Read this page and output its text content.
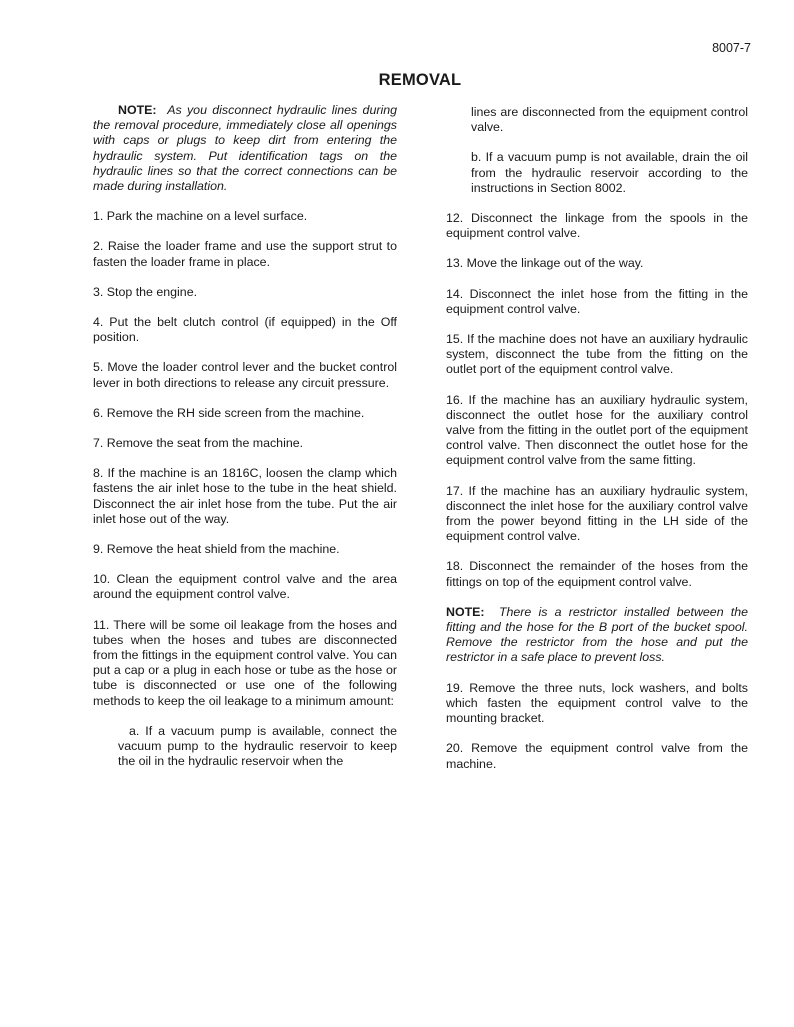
8007-7
REMOVAL

NOTE: As you disconnect hydraulic lines during the removal procedure, immediately close all openings with caps or plugs to keep dirt from entering the hydraulic system. Put identification tags on the hydraulic lines so that the correct connections can be made during installation.

1. Park the machine on a level surface.

2. Raise the loader frame and use the support strut to fasten the loader frame in place.

3. Stop the engine.

4. Put the belt clutch control (if equipped) in the Off position.

5. Move the loader control lever and the bucket control lever in both directions to release any circuit pressure.

6. Remove the RH side screen from the machine.

7. Remove the seat from the machine.

8. If the machine is an 1816C, loosen the clamp which fastens the air inlet hose to the tube in the heat shield. Disconnect the air inlet hose from the tube. Put the air inlet hose out of the way.

9. Remove the heat shield from the machine.

10. Clean the equipment control valve and the area around the equipment control valve.

11. There will be some oil leakage from the hoses and tubes when the hoses and tubes are disconnected from the fittings in the equipment control valve. You can put a cap or a plug in each hose or tube as the hose or tube is disconnected or use one of the following methods to keep the oil leakage to a minimum amount:

a. If a vacuum pump is available, connect the vacuum pump to the hydraulic reservoir to keep the oil in the hydraulic reservoir when the

lines are disconnected from the equipment control valve.

b. If a vacuum pump is not available, drain the oil from the hydraulic reservoir according to the instructions in Section 8002.

12. Disconnect the linkage from the spools in the equipment control valve.

13. Move the linkage out of the way.

14. Disconnect the inlet hose from the fitting in the equipment control valve.

15. If the machine does not have an auxiliary hydraulic system, disconnect the tube from the fitting on the outlet port of the equipment control valve.

16. If the machine has an auxiliary hydraulic system, disconnect the outlet hose for the auxiliary control valve from the fitting in the outlet port of the equipment control valve. Then disconnect the outlet hose for the equipment control valve from the same fitting.

17. If the machine has an auxiliary hydraulic system, disconnect the inlet hose for the auxiliary control valve from the power beyond fitting in the LH side of the equipment control valve.

18. Disconnect the remainder of the hoses from the fittings on top of the equipment control valve.

NOTE: There is a restrictor installed between the fitting and the hose for the B port of the bucket spool. Remove the restrictor from the hose and put the restrictor in a safe place to prevent loss.

19. Remove the three nuts, lock washers, and bolts which fasten the equipment control valve to the mounting bracket.

20. Remove the equipment control valve from the machine.
